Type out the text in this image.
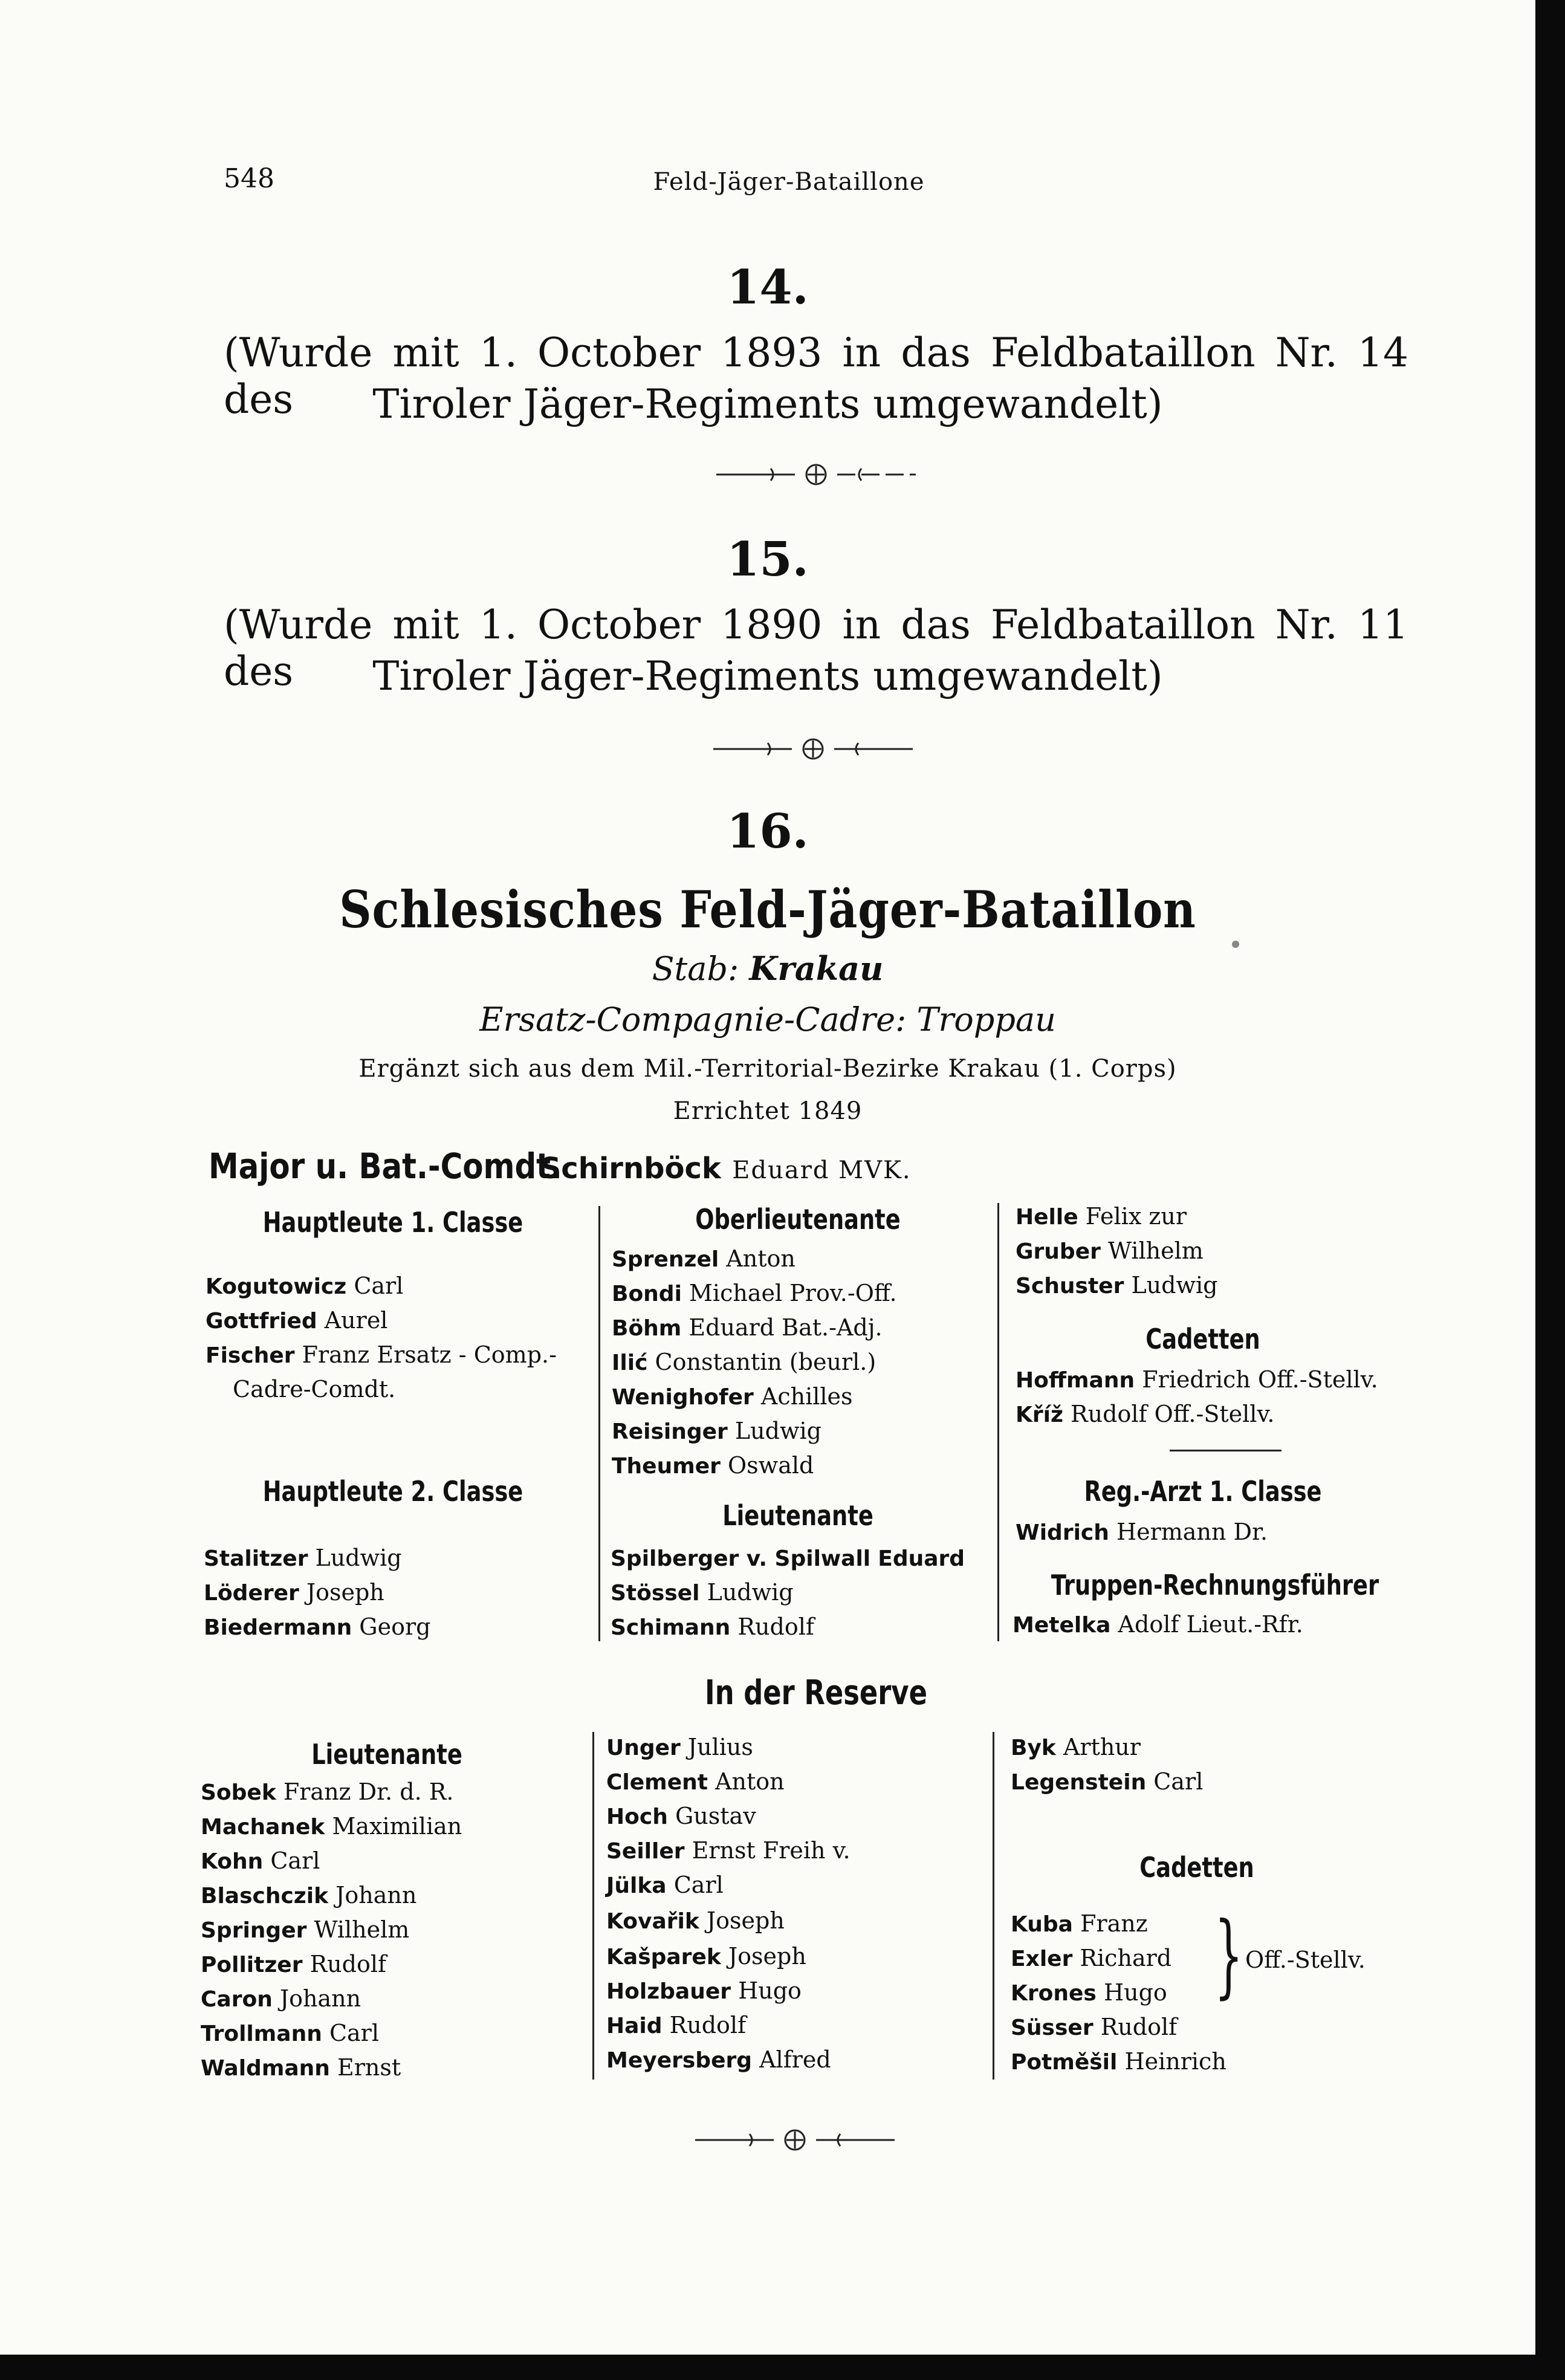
548	Feld-Jäger-Bataillone
14.
(Wurde mit 1. October 1893 in das Feldbataillon Nr. 14 des	Tiroler Jäger-Regiments umgewandelt)
15.
(Wurde mit 1. October 1890 in das Feldbataillon Nr. 11 des	Tiroler Jäger-Regiments umgewandelt)
16.
Schlesisches Feld-Jäger-Bataillon
Stab: Krakau
Ersatz-Compagnie-Cadre: Troppau
Ergänzt sich aus dem Mil.-Territorial-Bezirke Krakau (1. Corps)
Errichtet 1849
Major u. Bat.-Comdt. Schirnböck Eduard MVK.
Hauptleute 1. Classe
Kogutowicz Carl
Gottfried Aurel
Fischer Franz Ersatz - Comp.-
Cadre-Comdt.
Hauptleute 2. Classe
Stalitzer Ludwig
Löderer Joseph
Biedermann Georg
Oberlieutenante
Sprenzel Anton
Bondi Michael Prov.-Off.
Böhm Eduard Bat.-Adj.
Ilić Constantin (beurl.)
Wenighofer Achilles
Reisinger Ludwig
Theumer Oswald
Lieutenante
Spilberger v. Spilwall Eduard
Stössel Ludwig
Schimann Rudolf
Helle Felix zur
Gruber Wilhelm
Schuster Ludwig
Cadetten
Hoffmann Friedrich Off.-Stellv.
Kříž Rudolf Off.-Stellv.
Reg.-Arzt 1. Classe
Widrich Hermann Dr.
Truppen-Rechnungsführer
Metelka Adolf Lieut.-Rfr.
In der Reserve
Lieutenante
Sobek Franz Dr. d. R.
Machanek Maximilian
Kohn Carl
Blaschczik Johann
Springer Wilhelm
Pollitzer Rudolf
Caron Johann
Trollmann Carl
Waldmann Ernst
Unger Julius
Clement Anton
Hoch Gustav
Seiller Ernst Freih v.
Jülka Carl
Kovařik Joseph
Kašparek Joseph
Holzbauer Hugo
Haid Rudolf
Meyersberg Alfred
Byk Arthur
Legenstein Carl
Cadetten
Kuba Franz
Exler Richard
Krones Hugo
Süsser Rudolf
Potměšil Heinrich
} Off.-Stellv.
